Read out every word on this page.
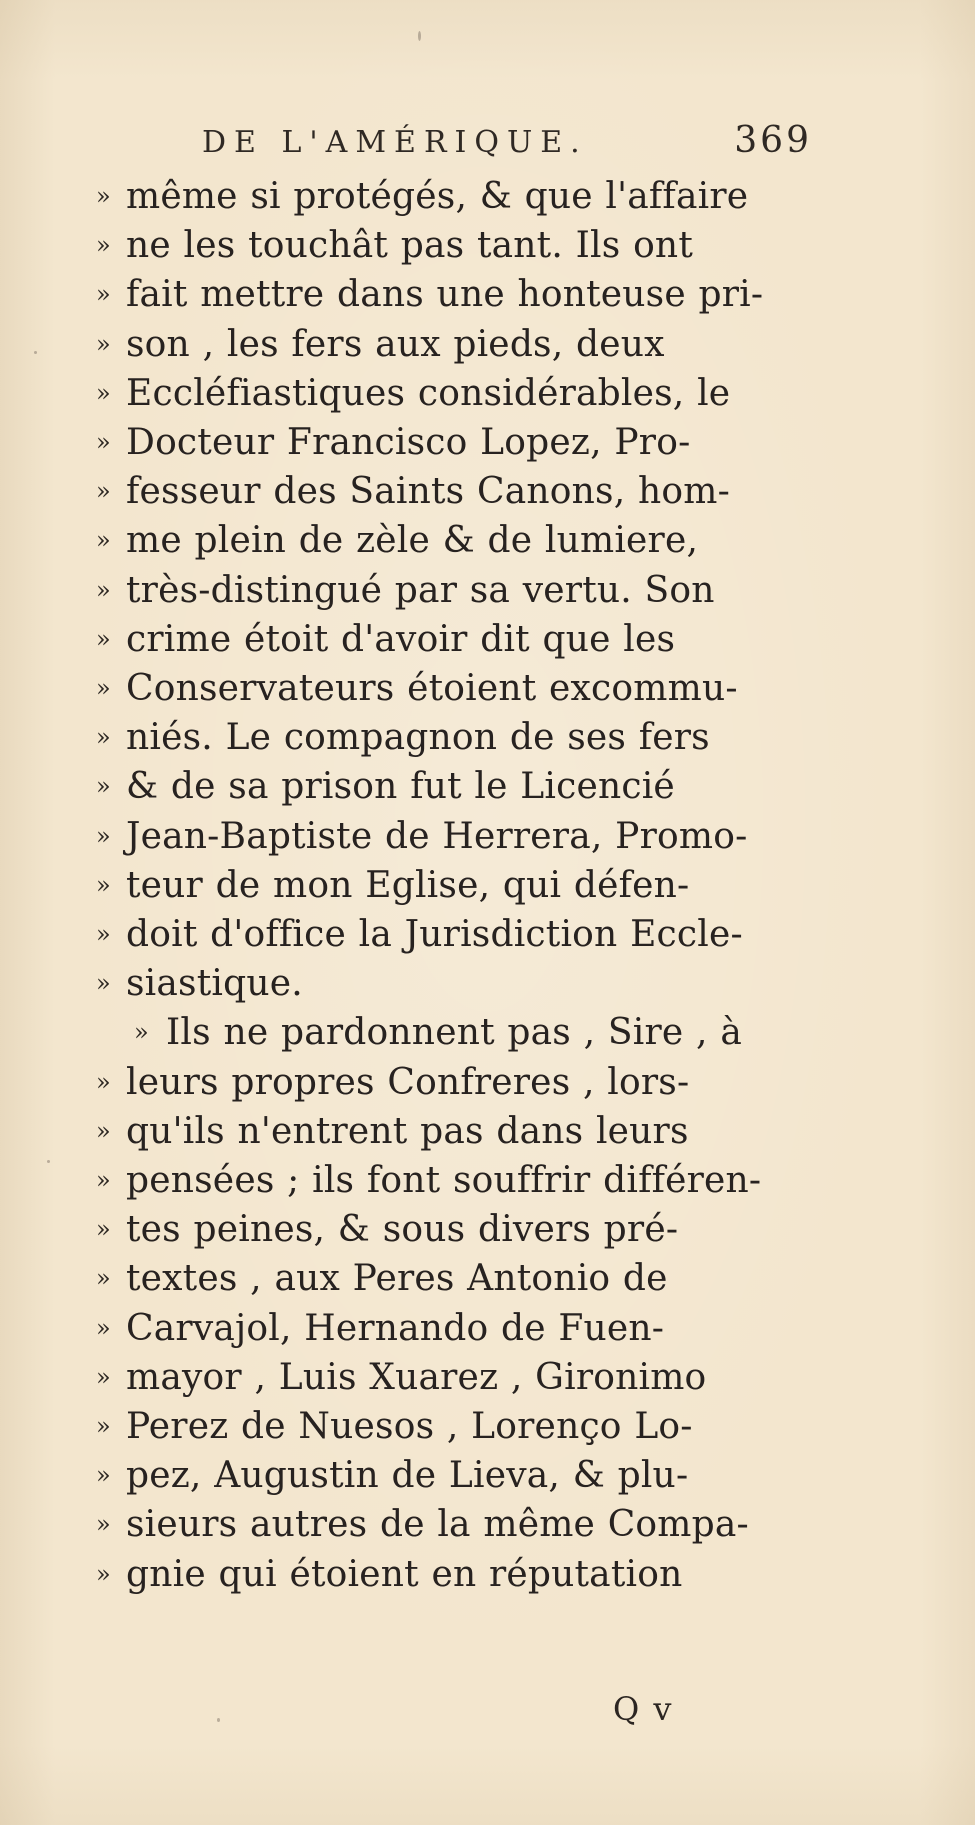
DE L'AMÉRIQUE.	369
» même si protégés, & que l'affaire
» ne les touchât pas tant. Ils ont
» fait mettre dans une honteuse pri-
» son , les fers aux pieds, deux
» Eccléfiastiques considérables, le
» Docteur Francisco Lopez, Pro-
» fesseur des Saints Canons, hom-
» me plein de zèle & de lumiere,
» très-distingué par sa vertu. Son
» crime étoit d'avoir dit que les
» Conservateurs étoient excommu-
» niés. Le compagnon de ses fers
» & de sa prison fut le Licencié
» Jean-Baptiste de Herrera, Promo-
» teur de mon Eglise, qui défen-
» doit d'office la Jurisdiction Eccle-
» siastique.
» Ils ne pardonnent pas , Sire , à
» leurs propres Confreres , lors-
» qu'ils n'entrent pas dans leurs
» pensées ; ils font souffrir différen-
» tes peines, & sous divers pré-
» textes , aux Peres Antonio de
» Carvajol, Hernando de Fuen-
» mayor , Luis Xuarez , Gironimo
» Perez de Nuesos , Lorenço Lo-
» pez, Augustin de Lieva, & plu-
» sieurs autres de la même Compa-
» gnie qui étoient en réputation
Q v
